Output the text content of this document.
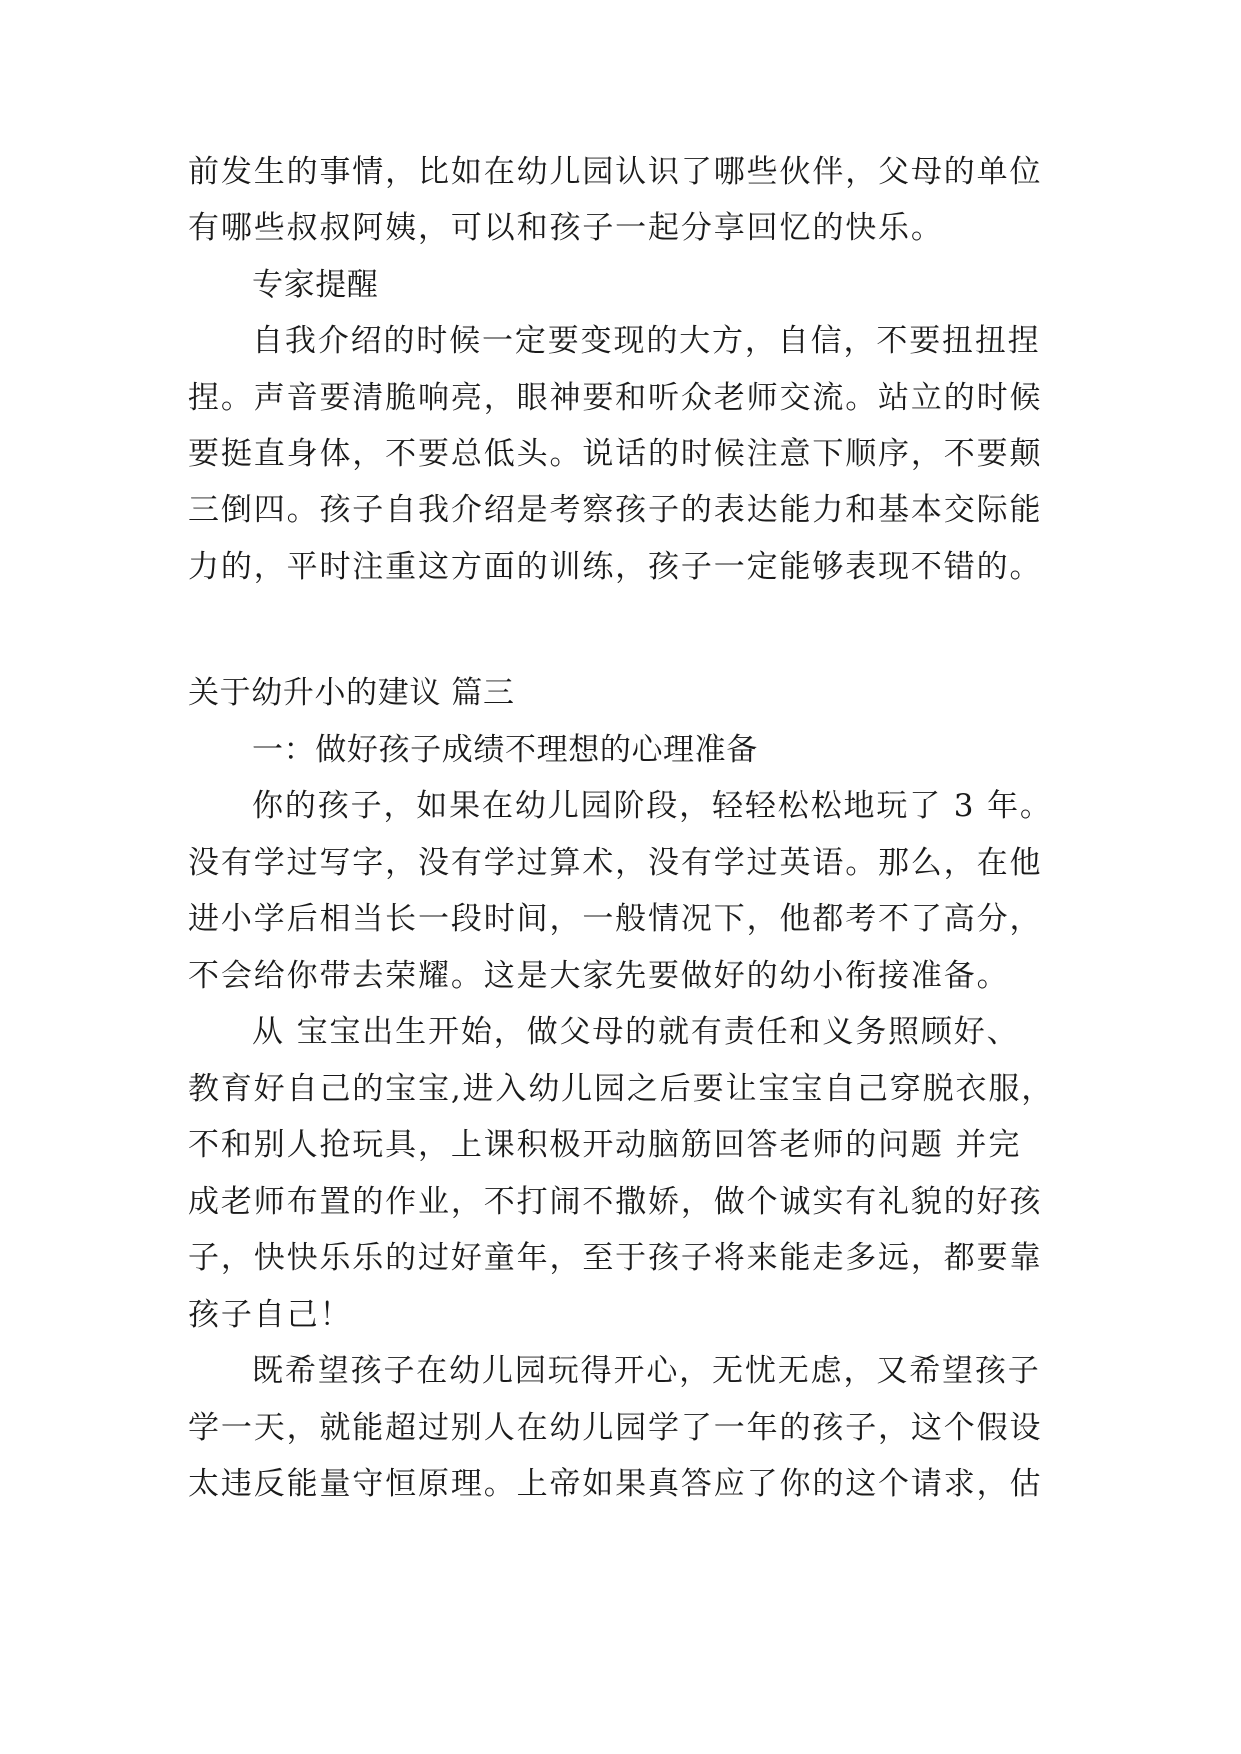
前发生的事情，比如在幼儿园认识了哪些伙伴，父母的单位
有哪些叔叔阿姨，可以和孩子一起分享回忆的快乐。
专家提醒
自我介绍的时候一定要变现的大方，自信，不要扭扭捏
捏。声音要清脆响亮，眼神要和听众老师交流。站立的时候
要挺直身体，不要总低头。说话的时候注意下顺序，不要颠
三倒四。孩子自我介绍是考察孩子的表达能力和基本交际能
力的，平时注重这方面的训练，孩子一定能够表现不错的。
关于幼升小的建议 篇三
一：做好孩子成绩不理想的心理准备
你的孩子，如果在幼儿园阶段，轻轻松松地玩了 3 年。
没有学过写字，没有学过算术，没有学过英语。那么，在他
进小学后相当长一段时间，一般情况下，他都考不了高分，
不会给你带去荣耀。这是大家先要做好的幼小衔接准备。
从 宝宝出生开始，做父母的就有责任和义务照顾好、
教育好自己的宝宝,进入幼儿园之后要让宝宝自己穿脱衣服，
不和别人抢玩具，上课积极开动脑筋回答老师的问题 并完
成老师布置的作业，不打闹不撒娇，做个诚实有礼貌的好孩
子，快快乐乐的过好童年，至于孩子将来能走多远，都要靠
孩子自己！
既希望孩子在幼儿园玩得开心，无忧无虑，又希望孩子
学一天，就能超过别人在幼儿园学了一年的孩子，这个假设
太违反能量守恒原理。上帝如果真答应了你的这个请求，估
